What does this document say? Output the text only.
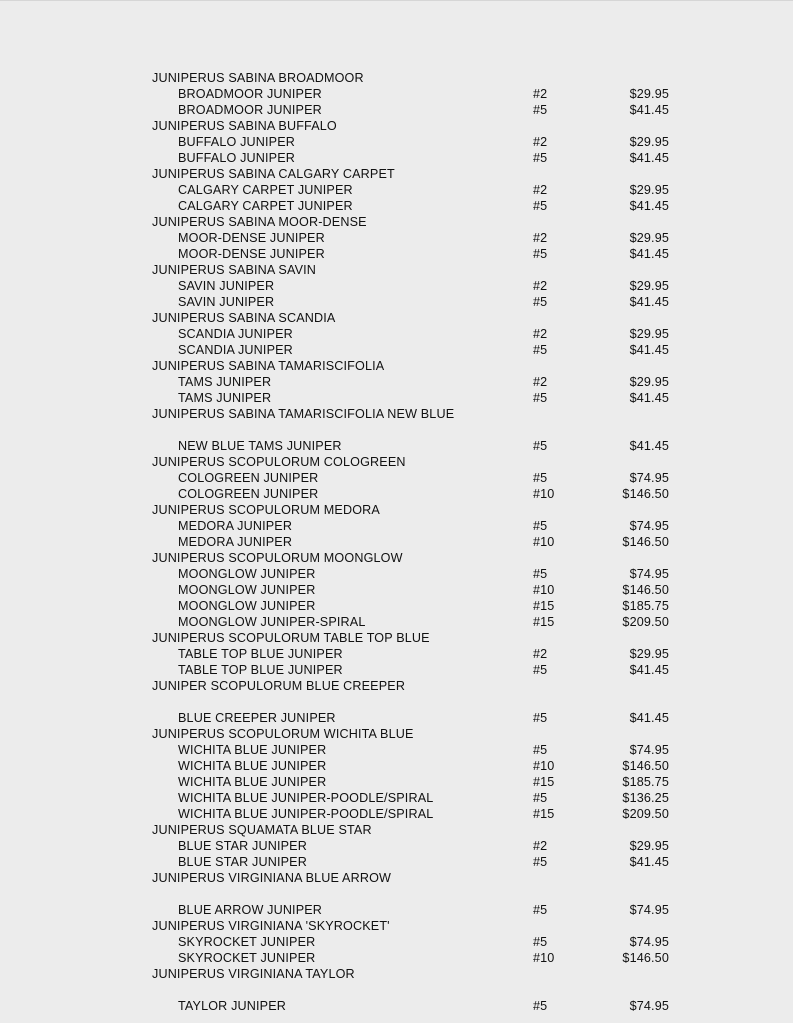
JUNIPERUS SABINA BROADMOOR
BROADMOOR JUNIPER	#2	$29.95
BROADMOOR JUNIPER	#5	$41.45
JUNIPERUS SABINA BUFFALO
BUFFALO JUNIPER	#2	$29.95
BUFFALO JUNIPER	#5	$41.45
JUNIPERUS SABINA CALGARY CARPET
CALGARY CARPET JUNIPER	#2	$29.95
CALGARY CARPET JUNIPER	#5	$41.45
JUNIPERUS SABINA MOOR-DENSE
MOOR-DENSE JUNIPER	#2	$29.95
MOOR-DENSE JUNIPER	#5	$41.45
JUNIPERUS SABINA SAVIN
SAVIN JUNIPER	#2	$29.95
SAVIN JUNIPER	#5	$41.45
JUNIPERUS SABINA SCANDIA
SCANDIA JUNIPER	#2	$29.95
SCANDIA JUNIPER	#5	$41.45
JUNIPERUS SABINA TAMARISCIFOLIA
TAMS JUNIPER	#2	$29.95
TAMS JUNIPER	#5	$41.45
JUNIPERUS SABINA TAMARISCIFOLIA NEW BLUE
NEW BLUE TAMS JUNIPER	#5	$41.45
JUNIPERUS SCOPULORUM COLOGREEN
COLOGREEN JUNIPER	#5	$74.95
COLOGREEN JUNIPER	#10	$146.50
JUNIPERUS SCOPULORUM MEDORA
MEDORA JUNIPER	#5	$74.95
MEDORA JUNIPER	#10	$146.50
JUNIPERUS SCOPULORUM MOONGLOW
MOONGLOW JUNIPER	#5	$74.95
MOONGLOW JUNIPER	#10	$146.50
MOONGLOW JUNIPER	#15	$185.75
MOONGLOW JUNIPER-SPIRAL	#15	$209.50
JUNIPERUS SCOPULORUM TABLE TOP BLUE
TABLE TOP BLUE JUNIPER	#2	$29.95
TABLE TOP BLUE JUNIPER	#5	$41.45
JUNIPER SCOPULORUM BLUE CREEPER
BLUE CREEPER JUNIPER	#5	$41.45
JUNIPERUS SCOPULORUM WICHITA BLUE
WICHITA BLUE JUNIPER	#5	$74.95
WICHITA BLUE JUNIPER	#10	$146.50
WICHITA BLUE JUNIPER	#15	$185.75
WICHITA BLUE JUNIPER-POODLE/SPIRAL	#5	$136.25
WICHITA BLUE JUNIPER-POODLE/SPIRAL	#15	$209.50
JUNIPERUS SQUAMATA BLUE STAR
BLUE STAR JUNIPER	#2	$29.95
BLUE STAR JUNIPER	#5	$41.45
JUNIPERUS VIRGINIANA BLUE ARROW
BLUE ARROW JUNIPER	#5	$74.95
JUNIPERUS VIRGINIANA 'SKYROCKET'
SKYROCKET JUNIPER	#5	$74.95
SKYROCKET JUNIPER	#10	$146.50
JUNIPERUS VIRGINIANA TAYLOR
TAYLOR JUNIPER	#5	$74.95
